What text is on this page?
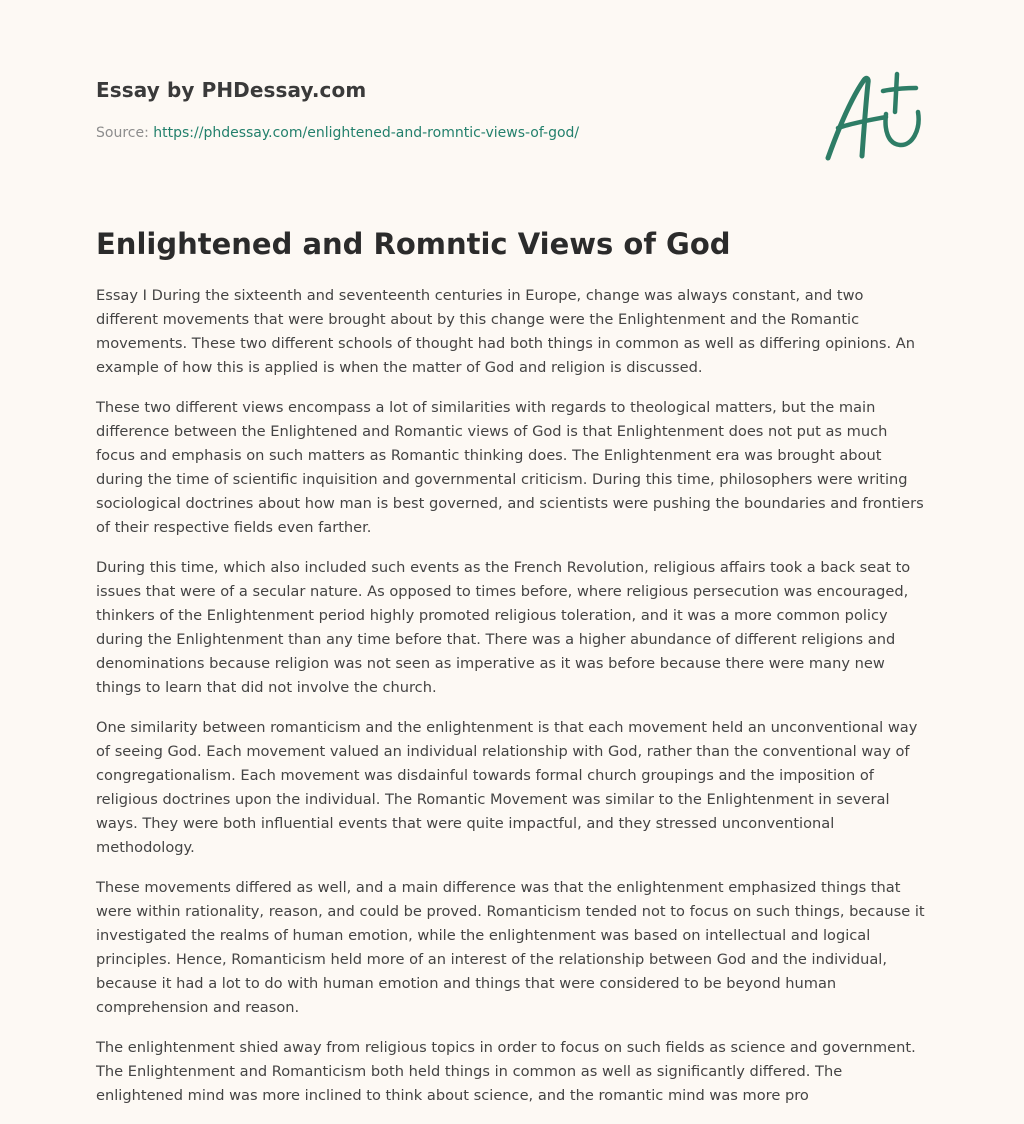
Essay by PHDessay.com
Source: https://phdessay.com/enlightened-and-romntic-views-of-god/
Enlightened and Romntic Views of God

Essay I During the sixteenth and seventeenth centuries in Europe, change was always constant, and two different movements that were brought about by this change were the Enlightenment and the Romantic movements. These two different schools of thought had both things in common as well as differing opinions. An example of how this is applied is when the matter of God and religion is discussed.

These two different views encompass a lot of similarities with regards to theological matters, but the main difference between the Enlightened and Romantic views of God is that Enlightenment does not put as much focus and emphasis on such matters as Romantic thinking does. The Enlightenment era was brought about during the time of scientific inquisition and governmental criticism. During this time, philosophers were writing sociological doctrines about how man is best governed, and scientists were pushing the boundaries and frontiers of their respective fields even farther.

During this time, which also included such events as the French Revolution, religious affairs took a back seat to issues that were of a secular nature. As opposed to times before, where religious persecution was encouraged, thinkers of the Enlightenment period highly promoted religious toleration, and it was a more common policy during the Enlightenment than any time before that. There was a higher abundance of different religions and denominations because religion was not seen as imperative as it was before because there were many new things to learn that did not involve the church.

One similarity between romanticism and the enlightenment is that each movement held an unconventional way of seeing God. Each movement valued an individual relationship with God, rather than the conventional way of congregationalism. Each movement was disdainful towards formal church groupings and the imposition of religious doctrines upon the individual. The Romantic Movement was similar to the Enlightenment in several ways. They were both influential events that were quite impactful, and they stressed unconventional methodology.

These movements differed as well, and a main difference was that the enlightenment emphasized things that were within rationality, reason, and could be proved. Romanticism tended not to focus on such things, because it investigated the realms of human emotion, while the enlightenment was based on intellectual and logical principles. Hence, Romanticism held more of an interest of the relationship between God and the individual, because it had a lot to do with human emotion and things that were considered to be beyond human comprehension and reason.

The enlightenment shied away from religious topics in order to focus on such fields as science and government. The Enlightenment and Romanticism both held things in common as well as significantly differed. The enlightened mind was more inclined to think about science, and the romantic mind was more pro
